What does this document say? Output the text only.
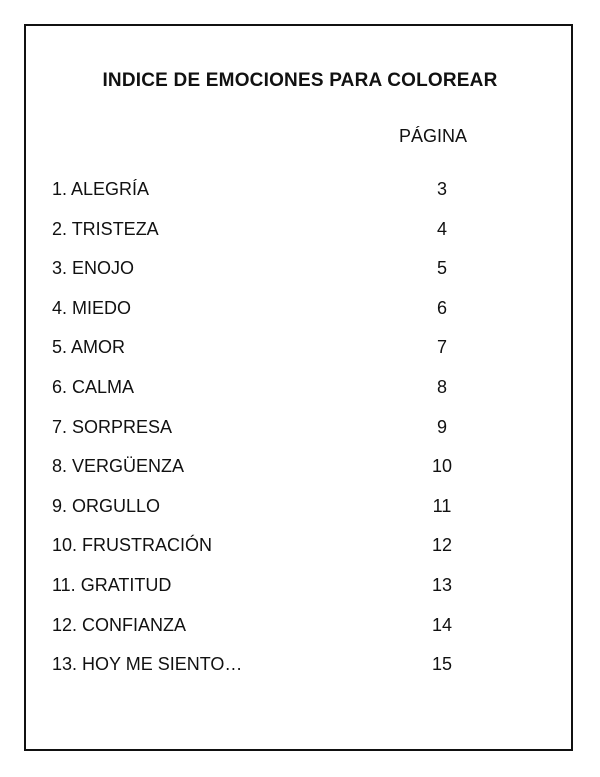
INDICE DE EMOCIONES PARA COLOREAR
PÁGINA
1. ALEGRÍA	3
2. TRISTEZA	4
3. ENOJO	5
4. MIEDO	6
5. AMOR	7
6. CALMA	8
7. SORPRESA	9
8. VERGÜENZA	10
9. ORGULLO	11
10. FRUSTRACIÓN	12
11. GRATITUD	13
12. CONFIANZA	14
13. HOY ME SIENTO…	15
